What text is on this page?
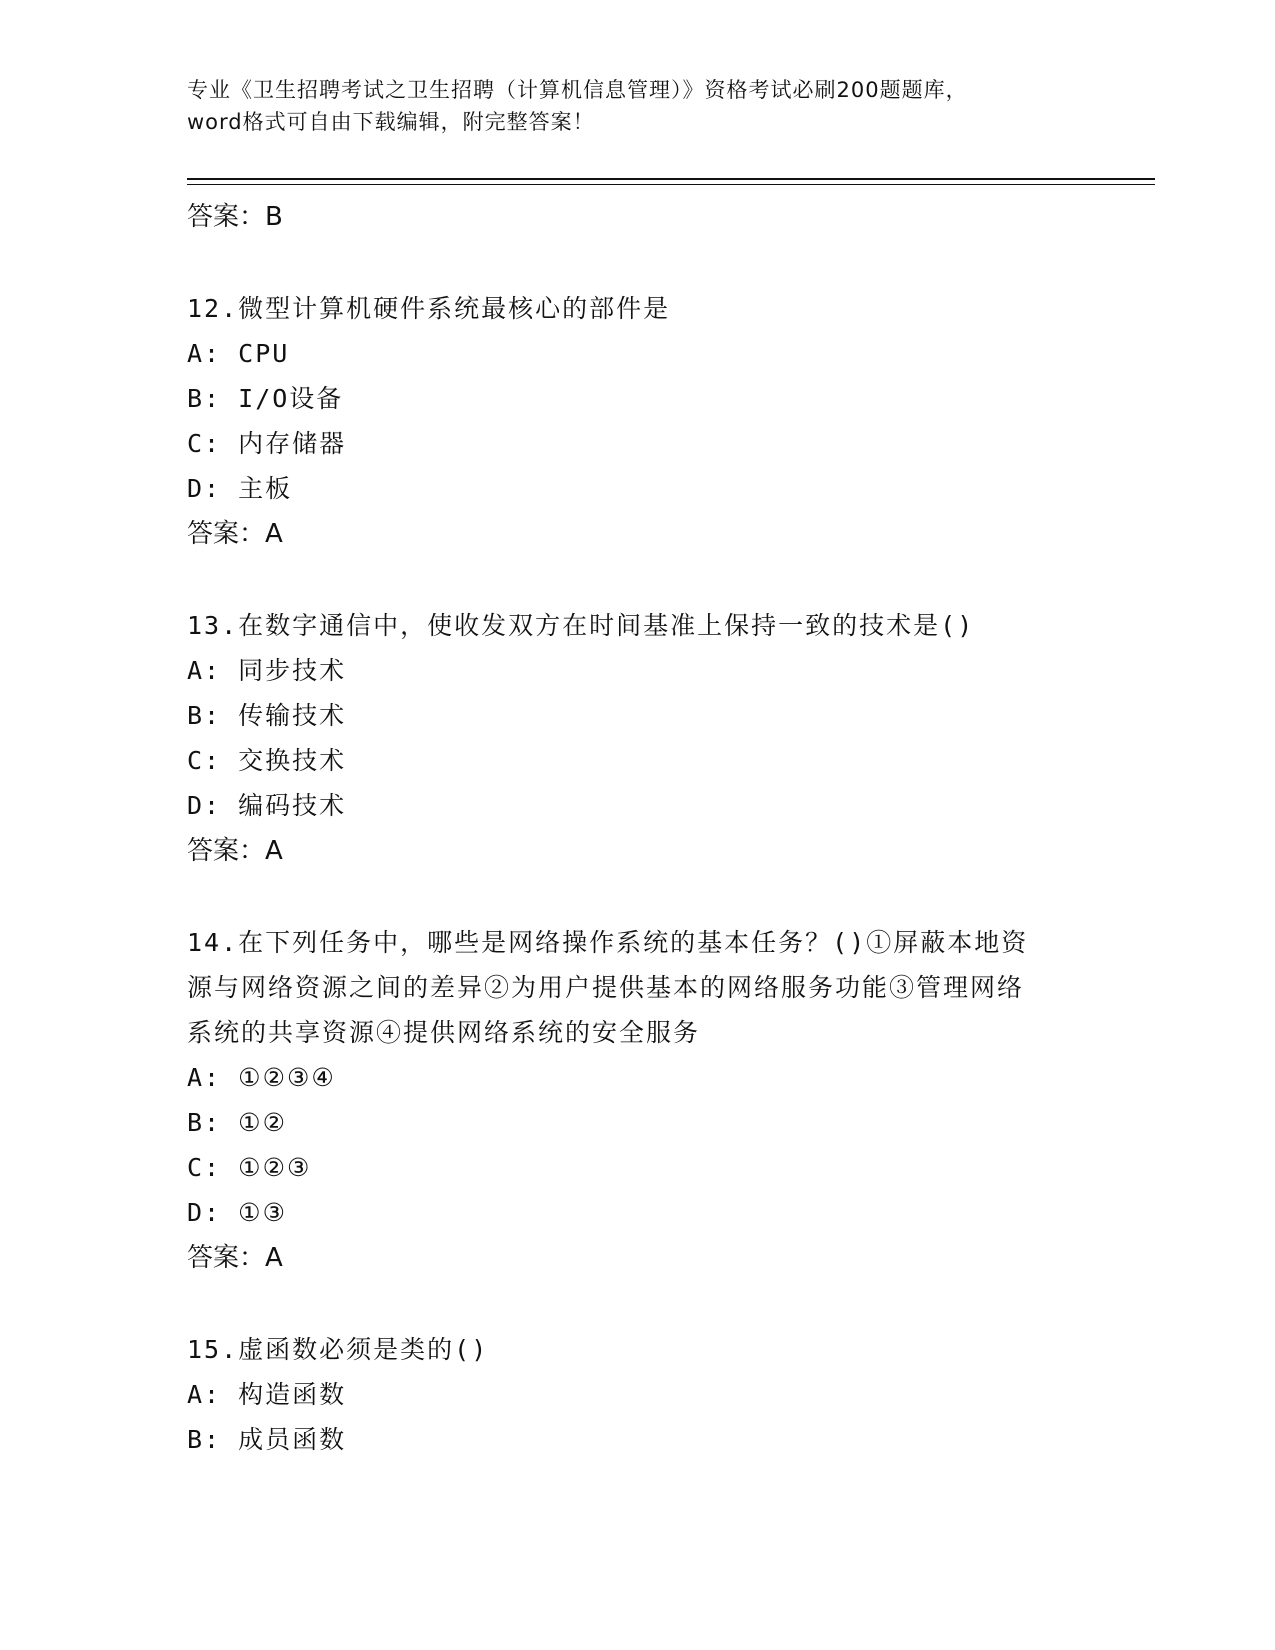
专业《卫生招聘考试之卫生招聘（计算机信息管理）》资格考试必刷200题题库，
word格式可自由下载编辑，附完整答案！
答案：B
12.微型计算机硬件系统最核心的部件是
A: CPU
B: I/O设备
C: 内存储器
D: 主板
答案：A
13.在数字通信中，使收发双方在时间基准上保持一致的技术是()
A: 同步技术
B: 传输技术
C: 交换技术
D: 编码技术
答案：A
14.在下列任务中，哪些是网络操作系统的基本任务？()①屏蔽本地资源与网络资源之间的差异②为用户提供基本的网络服务功能③管理网络系统的共享资源④提供网络系统的安全服务
A: ①②③④
B: ①②
C: ①②③
D: ①③
答案：A
15.虚函数必须是类的()
A: 构造函数
B: 成员函数
